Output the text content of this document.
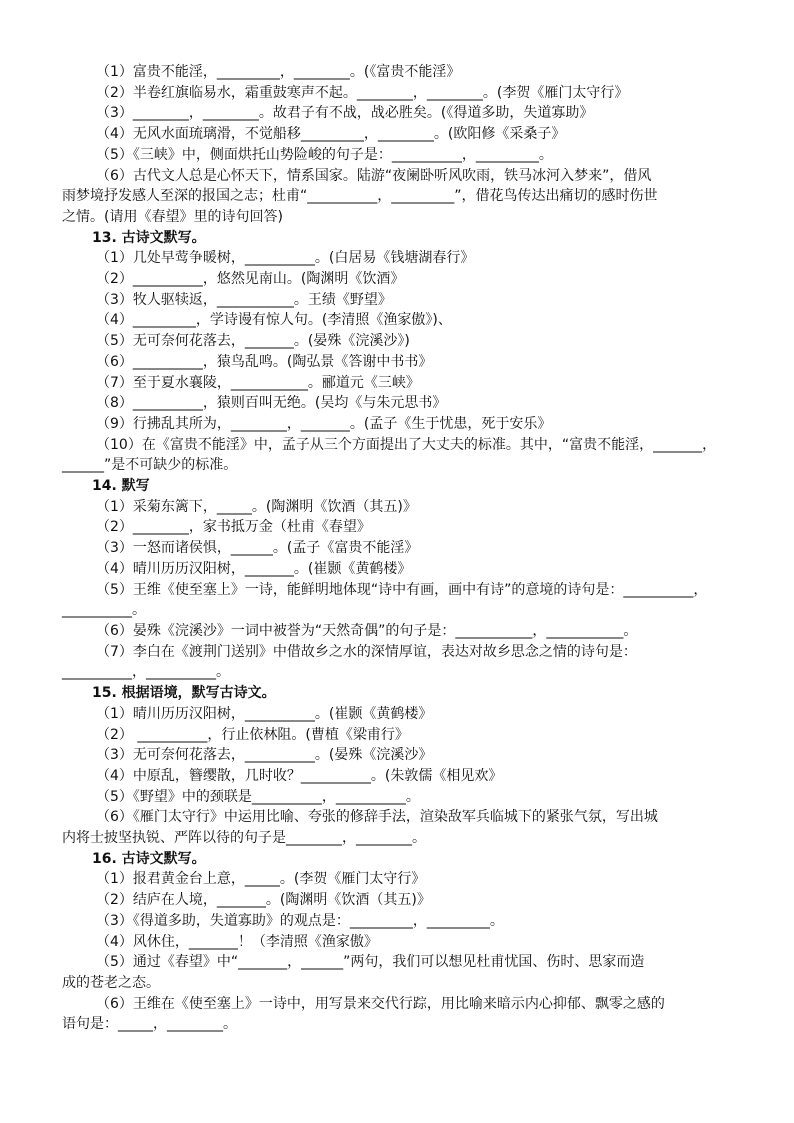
（1）富贵不能淫，_________，________。(《富贵不能淫》
（2）半卷红旗临易水，霜重鼓寒声不起。________，________。(李贺《雁门太守行》
（3）________，________。故君子有不战，战必胜矣。(《得道多助，失道寡助》
（4）无风水面琉璃滑，不觉船移_________，________。(欧阳修《采桑子》
（5）《三峡》中，侧面烘托山势险峻的句子是：__________，_________。
（6）古代文人总是心怀天下，情系国家。陆游“夜阑卧听风吹雨，铁马冰河入梦来”，借风
雨梦境抒发感人至深的报国之志；杜甫“__________，_________”，借花鸟传达出痛切的感时伤世
之情。(请用《春望》里的诗句回答)
13. 古诗文默写。
（1）几处早莺争暖树，__________。(白居易《钱塘湖春行》
（2）__________，悠然见南山。(陶渊明《饮酒》
（3）牧人驱犊返，___________。王绩《野望》
（4）_________，学诗谩有惊人句。(李清照《渔家傲》)、
（5）无可奈何花落去，_______。(晏殊《浣溪沙》)
（6）__________，猿鸟乱鸣。(陶弘景《答谢中书书》
（7）至于夏水襄陵，___________。郦道元《三峡》
（8）__________，猿则百叫无绝。(吴均《与朱元思书》
（9）行拂乱其所为，________，_______。(孟子《生于忧患，死于安乐》
（10）在《富贵不能淫》中，孟子从三个方面提出了大丈夫的标准。其中，“富贵不能淫，_______，
______”是不可缺少的标准。
14. 默写
（1）采菊东篱下，_____。(陶渊明《饮酒（其五)》
（2）________，家书抵万金（杜甫《春望》
（3）一怒而诸侯惧，______。(孟子《富贵不能淫》
（4）晴川历历汉阳树，_______。(崔颢《黄鹤楼》
（5）王维《使至塞上》一诗，能鲜明地体现“诗中有画，画中有诗”的意境的诗句是：__________，
__________。
（6）晏殊《浣溪沙》一词中被誉为“天然奇偶”的句子是：___________，___________。
（7）李白在《渡荆门送别》中借故乡之水的深情厚谊，表达对故乡思念之情的诗句是：
__________，__________。
15. 根据语境，默写古诗文。
（1）晴川历历汉阳树，__________。(崔颢《黄鹤楼》
（2） __________，行止依林阻。(曹植《梁甫行》
（3）无可奈何花落去，__________。(晏殊《浣溪沙》
（4）中原乱，簪缨散，几时收？__________。(朱敦儒《相见欢》
（5）《野望》中的颈联是__________，__________。
（6）《雁门太守行》中运用比喻、夸张的修辞手法，渲染敌军兵临城下的紧张气氛，写出城
内将士披坚执锐、严阵以待的句子是________，________。
16. 古诗文默写。
（1）报君黄金台上意，_____。(李贺《雁门太守行》
（2）结庐在人境，_______。(陶渊明《饮酒（其五)》
（3）《得道多助，失道寡助》的观点是：_________，_________。
（4）风休住，_______！（李清照《渔家傲》
（5）通过《春望》中“_______，______”两句，我们可以想见杜甫忧国、伤时、思家而造
成的苍老之态。
（6）王维在《使至塞上》一诗中，用写景来交代行踪，用比喻来暗示内心抑郁、飘零之感的
语句是：_____，________。
